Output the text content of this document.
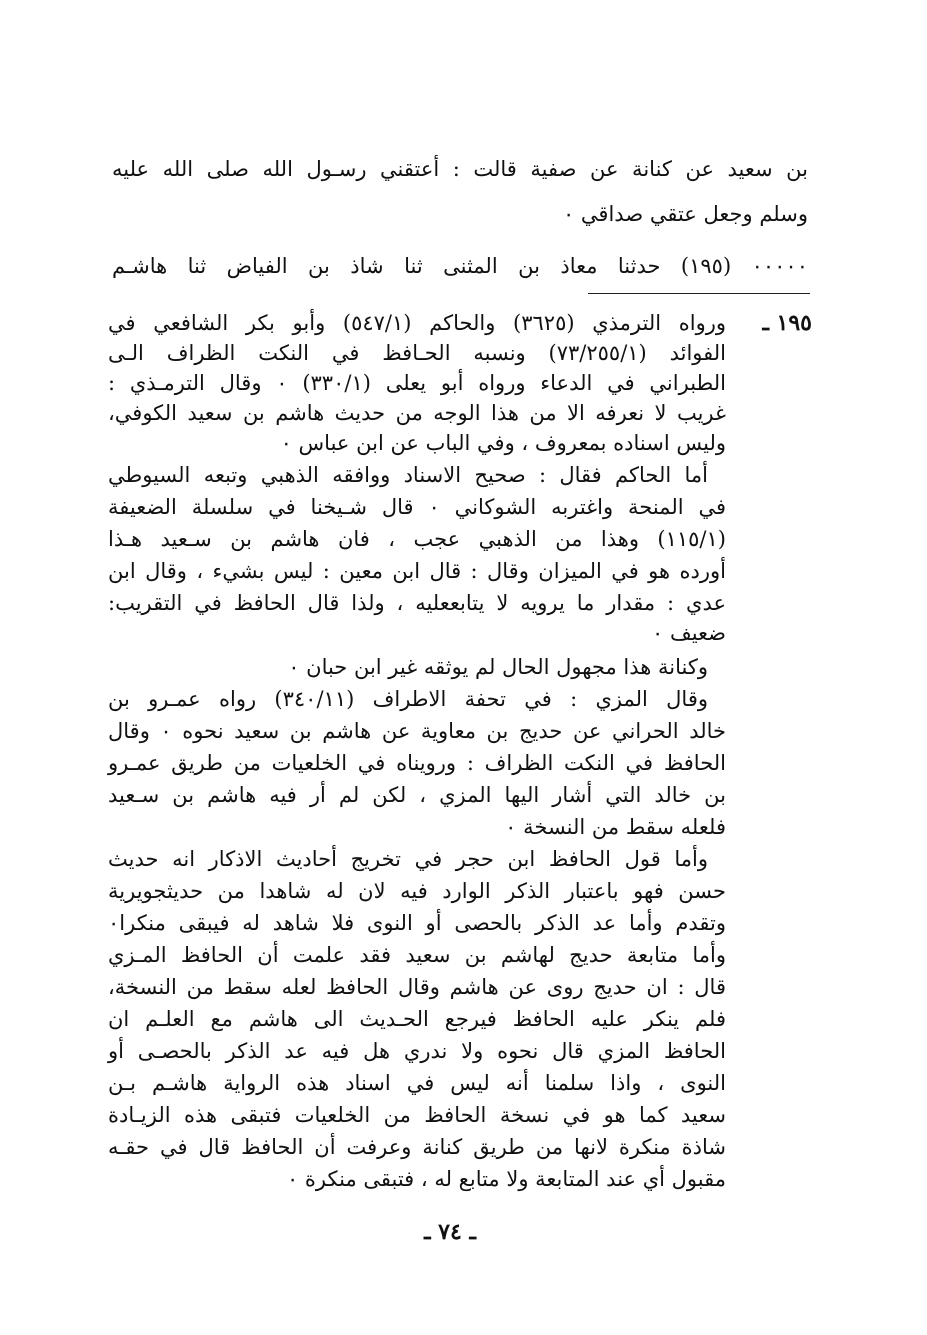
بن سعيد عن كنانة عن صفية قالت : أعتقني رسـول الله صلى الله عليه
وسلم وجعل عتقي صداقي ٠
٠٠٠٠٠ (١٩٥) حدثنا معاذ بن المثنى ثنا شاذ بن الفياض ثنا هاشـم
١٩٥ ـ
ورواه الترمذي (٣٦٢٥) والحاكم (٥٤٧/١) وأبو بكر الشافعي في
الفوائد (٧٣/٢٥٥/١) ونسبه الحـافظ في النكت الظراف الـى
الطبراني في الدعاء ورواه أبو يعلى (٣٣٠/١) ٠ وقال الترمـذي :
غريب لا نعرفه الا من هذا الوجه من حديث هاشم بن سعيد الكوفي،
وليس اسناده بمعروف ، وفي الباب عن ابن عباس ٠
أما الحاكم فقال : صحيح الاسناد ووافقه الذهبي وتبعه السيوطي
في المنحة واغتربه الشوكاني ٠ قال شـيخنا في سلسلة الضعيفة
(١١٥/١) وهذا من الذهبي عجب ، فان هاشم بن سـعيد هـذا
أورده هو في الميزان وقال : قال ابن معين : ليس بشيء ، وقال ابن
عدي : مقدار ما يرويه لا يتابععليه ، ولذا قال الحافظ في التقريب:
ضعيف ٠
وكنانة هذا مجهول الحال لم يوثقه غير ابن حبان ٠
وقال المزي : في تحفة الاطراف (٣٤٠/١١) رواه عمـرو بن
خالد الحراني عن حديج بن معاوية عن هاشم بن سعيد نحوه ٠ وقال
الحافظ في النكت الظراف : ورويناه في الخلعيات من طريق عمـرو
بن خالد التي أشار اليها المزي ، لكن لم أر فيه هاشم بن سـعيد
فلعله سقط من النسخة ٠
وأما قول الحافظ ابن حجر في تخريج أحاديث الاذكار انه حديث
حسن فهو باعتبار الذكر الوارد فيه لان له شاهدا من حديثجويرية
وتقدم وأما عد الذكر بالحصى أو النوى فلا شاهد له فيبقى منكرا٠
وأما متابعة حديج لهاشم بن سعيد فقد علمت أن الحافظ المـزي
قال : ان حديج روى عن هاشم وقال الحافظ لعله سقط من النسخة،
فلم ينكر عليه الحافظ فيرجع الحـديث الى هاشم مع العلـم ان
الحافظ المزي قال نحوه ولا ندري هل فيه عد الذكر بالحصـى أو
النوى ، واذا سلمنا أنه ليس في اسناد هذه الرواية هاشـم بـن
سعيد كما هو في نسخة الحافظ من الخلعيات فتبقى هذه الزيـادة
شاذة منكرة لانها من طريق كنانة وعرفت أن الحافظ قال في حقـه
مقبول أي عند المتابعة ولا متابع له ، فتبقى منكرة ٠
ـ ٧٤ ـ
